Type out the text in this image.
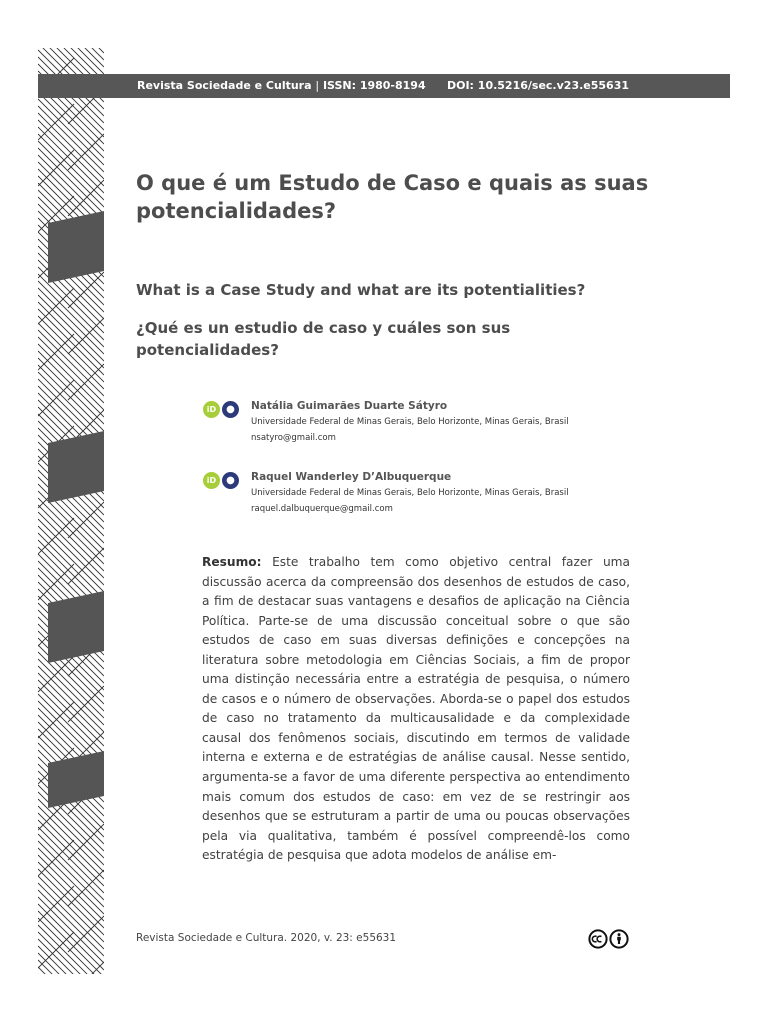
Revista Sociedade e Cultura | ISSN: 1980-8194 DOI: 10.5216/sec.v23.e55631
O que é um Estudo de Caso e quais as suas potencialidades?
What is a Case Study and what are its potentialities?
¿Qué es un estudio de caso y cuáles son sus potencialidades?
iD ●	Natália Guimarães Duarte Sátyro
Universidade Federal de Minas Gerais, Belo Horizonte, Minas Gerais, Brasil
nsatyro@gmail.com
iD ●	Raquel Wanderley D’Albuquerque
Universidade Federal de Minas Gerais, Belo Horizonte, Minas Gerais, Brasil
raquel.dalbuquerque@gmail.com

Resumo: Este trabalho tem como objetivo central fazer uma discussão acerca da compreensão dos desenhos de estudos de caso, a fim de destacar suas vantagens e desafios de aplicação na Ciência Política. Parte-se de uma discussão conceitual sobre o que são estudos de caso em suas diversas definições e concepções na literatura sobre metodologia em Ciências Sociais, a fim de propor uma distinção necessária entre a estratégia de pesquisa, o número de casos e o número de observações. Aborda-se o papel dos estudos de caso no tratamento da multicausalidade e da complexidade causal dos fenômenos sociais, discutindo em termos de validade interna e externa e de estratégias de análise causal. Nesse sentido, argumenta-se a favor de uma diferente perspectiva ao entendimento mais comum dos estudos de caso: em vez de se restringir aos desenhos que se estruturam a partir de uma ou poucas observações pela via qualitativa, também é possível compreendê-los como estratégia de pesquisa que adota modelos de análise em-

Revista Sociedade e Cultura. 2020, v. 23: e55631
